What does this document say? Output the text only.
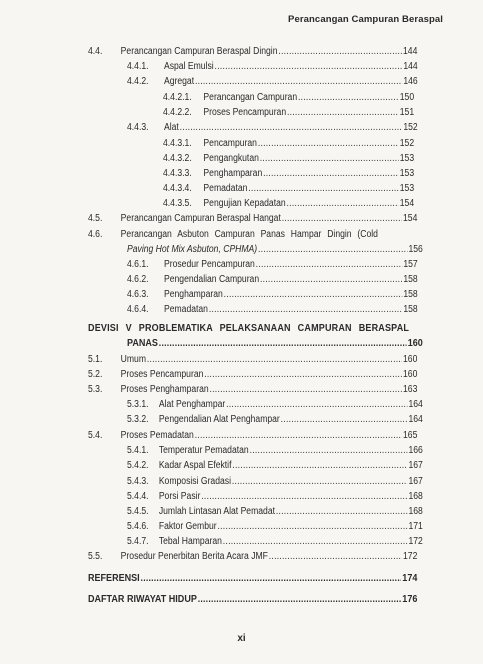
Perancangan Campuran Beraspal
4.4.	Perancangan Campuran Beraspal Dingin .....	144
4.4.1.	Aspal Emulsi .....	144
4.4.2.	Agregat .....	146
4.4.2.1.	Perancangan Campuran .....	150
4.4.2.2.	Proses Pencampuran .....	151
4.4.3.	Alat .....	152
4.4.3.1.	Pencampuran .....	152
4.4.3.2.	Pengangkutan .....	153
4.4.3.3.	Penghamparan .....	153
4.4.3.4.	Pemadatan .....	153
4.4.3.5.	Pengujian Kepadatan .....	154
4.5.	Perancangan Campuran Beraspal Hangat .....	154
4.6.	Perancangan Asbuton Campuran Panas Hampar Dingin (Cold
Paving Hot Mix Asbuton, CPHMA) .....	156
4.6.1.	Prosedur Pencampuran .....	157
4.6.2.	Pengendalian Campuran .....	158
4.6.3.	Penghamparan .....	158
4.6.4.	Pemadatan .....	158
DEVISI V PROBLEMATIKA PELAKSANAAN CAMPURAN BERASPAL
PANAS .....	160
5.1.	Umum .....	160
5.2.	Proses Pencampuran .....	160
5.3.	Proses Penghamparan .....	163
5.3.1.	Alat Penghampar .....	164
5.3.2.	Pengendalian Alat Penghampar .....	164
5.4.	Proses Pemadatan .....	165
5.4.1.	Temperatur Pemadatan .....	166
5.4.2.	Kadar Aspal Efektif .....	167
5.4.3.	Komposisi Gradasi .....	167
5.4.4.	Porsi Pasir .....	168
5.4.5.	Jumlah Lintasan Alat Pemadat .....	168
5.4.6.	Faktor Gembur .....	171
5.4.7.	Tebal Hamparan .....	172
5.5.	Prosedur Penerbitan Berita Acara JMF .....	172
REFERENSI .....	174
DAFTAR RIWAYAT HIDUP .....	176
xi
